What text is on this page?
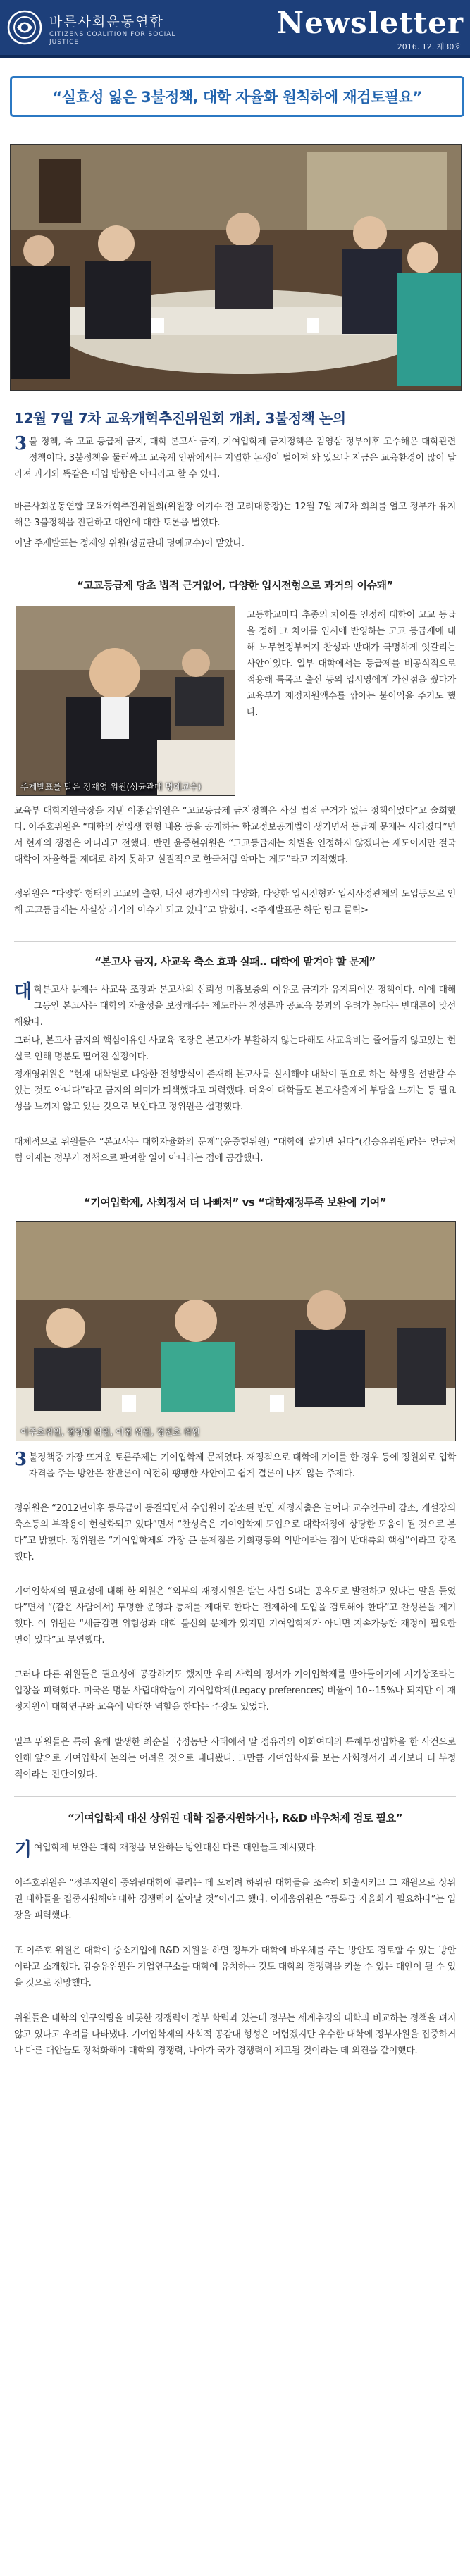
바른사회운동연합
CITIZENS COALITION FOR SOCIAL JUSTICE
Newsletter
2016. 12. 제30호
“실효성 잃은 3불정책, 대학 자율화 원칙하에 재검토필요”
12월 7일 7차 교육개혁추진위원회 개최, 3불정책 논의
3 불 정책, 즉 고교 등급제 금지, 대학 본고사 금지, 기여입학제 금지정책은 김영삼 정부이후 고수해온 대학관련 정책이다. 3불정책을 둘러싸고 교육계 안팎에서는 지엽한 논쟁이 벌어져 와 있으나 지금은 교육환경이 많이 달라져 과거와 똑같은 대입 방향은 아니라고 할 수 있다.
바른사회운동연합 교육개혁추진위원회(위원장 이기수 전 고려대총장)는 12월 7일 제7차 회의를 열고 정부가 유지해온 3불정책을 진단하고 대안에 대한 토론을 벌였다.
이날 주제발표는 정재영 위원(성균관대 명예교수)이 맡았다.
“고교등급제 당초 법적 근거없어, 다양한 입시전형으로 과거의 이슈돼”
주제발표를 맡은 정재영 위원(성균관대 명예교수)
고등학교마다 추종의 차이를 인정해 대학이 고교 등급을 정해 그 차이를 입시에 반영하는 고교 등급제에 대해 노무현정부커지 찬성과 반대가 극명하게 엇갈리는 사안이었다. 일부 대학에서는 등급제를 비공식적으로 적용해 특목고 출신 등의 입시영에게 가산점을 줬다가 교육부가 재정지원액수를 깎아는 불이익을 주기도 했다.
교육부 대학지원국장을 지낸 이종갑위원은 “고교등급제 금지정책은 사실 법적 근거가 없는 정책이었다”고 술회했다. 이주호위원은 “대학의 선입생 헌형 내용 등을 공개하는 학교정보공개법이 생기면서 등급제 문제는 사라졌다”면서 현재의 쟁점은 아니라고 전했다. 반면 윤증현위원은 “고교등급제는 차별을 인정하지 않겠다는 제도이지만 결국 대학이 자율화를 제대로 하지 못하고 실질적으로 한국처럼 악마는 제도”라고 지적했다.
정위원은 “다양한 형태의 고교의 출현, 내신 평가방식의 다양화, 다양한 입시전형과 입시사정관제의 도입등으로 인해 고교등급제는 사실상 과거의 이슈가 되고 있다”고 밝혔다. <주제발표문 하단 링크 클릭>
“본고사 금지, 사교육 축소 효과 실패.. 대학에 맡겨야 할 문제”
대학본고사 문제는 사교육 조장과 본고사의 신뢰성 미흡보증의 이유로 금지가 유지되어온 정책이다. 이에 대해 그동안 본고사는 대학의 자율성을 보장해주는 제도라는 찬성론과 공교육 붕괴의 우려가 높다는 반대론이 맞선해왔다.
그러나, 본고사 금지의 핵심이유인 사교육 조장은 본고사가 부활하지 않는다해도 사교육비는 줄어들지 않고있는 현실로 인해 명분도 떨어진 실정이다.
정재영위원은 “현재 대학별로 다양한 전형방식이 존재해 본고사를 실시해야 대학이 필요로 하는 학생을 선발할 수 있는 것도 아니다”라고 금지의 의미가 퇴색했다고 피력했다. 더욱이 대학들도 본고사출제에 부담을 느끼는 등 필요성을 느끼지 않고 있는 것으로 보인다고 정위원은 설명했다.
대체적으로 위원들은 “본고사는 대학자율화의 문제”(윤증현위원) “대학에 맡기면 된다”(김승유위원)라는 언급처럼 이제는 정부가 정책으로 판여할 일이 아니라는 점에 공감했다.
“기여입학제, 사회정서 더 나빠져” vs “대학재정투족 보완에 기여”
이주호위원, 정영영 위원, 이정 위원, 정진호 위원
3 불정책중 가장 뜨거운 토론주제는 기여입학제 문제였다. 재정적으로 대학에 기여를 한 경우 등에 정원외로 입학자격을 주는 방안은 찬반론이 여전히 팽팽한 사안이고 쉽게 결론이 나지 않는 주제다.
정위원은 “2012년이후 등록금이 동결되면서 수입원이 감소된 반면 재정지출은 늘어나 교수연구비 감소, 개설강의 축소등의 부작용이 현실화되고 있다”면서 “찬성측은 기여입학제 도입으로 대학재정에 상당한 도움이 될 것으로 본다”고 밝혔다. 정위원은 “기여입학제의 가장 큰 문제점은 기회평등의 위반이라는 점이 반대측의 핵심”이라고 강조했다.
기여입학제의 필요성에 대해 한 위원은 “외부의 재정지원을 받는 사립 S대는 공유도로 발전하고 있다는 말을 들었다”면서 “(같은 사람에서) 투명한 운영과 통제를 제대로 한다는 전제하에 도입을 검토해야 한다”고 찬성론을 제기했다. 이 위원은 “세금감면 위험성과 대학 불신의 문제가 있지만 기여입학제가 아니면 지속가능한 재정이 필요한 면이 있다”고 부연했다.
그러나 다른 위원들은 필요성에 공감하기도 했지만 우리 사회의 정서가 기여입학제를 받아들이기에 시기상조라는 입장을 피력했다. 미국은 명문 사립대학들이 기여입학제(Legacy preferences) 비율이 10~15%나 되지만 이 재정지원이 대학연구와 교육에 막대한 역할을 한다는 주장도 있었다.
일부 위원들은 특히 올해 발생한 최순실 국정농단 사태에서 딸 정유라의 이화여대의 특혜부정입학을 한 사건으로 인해 앞으로 기여입학제 논의는 어려울 것으로 내다봤다. 그만큼 기여입학제를 보는 사회정서가 과거보다 더 부정적이라는 진단이었다.
“기여입학제 대신 상위권 대학 집중지원하거나, R&D 바우처제 검토 필요”
기여입학제 보완은 대학 재정을 보완하는 방안대신 다른 대안들도 제시됐다.
이주호위원은 “정부지원이 중위권대학에 몰리는 데 오히려 하위권 대학들을 조속히 퇴출시키고 그 재원으로 상위권 대학들을 집중지원해야 대학 경쟁력이 살아날 것”이라고 했다. 이재웅위원은 “등록금 자율화가 필요하다”는 입장을 피력했다.
또 이주호 위원은 대학이 중소기업에 R&D 지원을 하면 정부가 대학에 바우체를 주는 방안도 검토할 수 있는 방안이라고 소개했다. 김승유위원은 기업연구소를 대학에 유치하는 것도 대학의 경쟁력을 키울 수 있는 대안이 될 수 있을 것으로 전망했다.
위원들은 대학의 연구역량을 비롯한 경쟁력이 정부 학력과 있는데 정부는 세계추경의 대학과 비교하는 정책을 펴지 않고 있다고 우려를 나타냈다. 기여입학제의 사회적 공감대 형성은 어렵겠지만 우수한 대학에 정부자원을 집중하거나 다른 대안들도 정책화해야 대학의 경쟁력, 나아가 국가 경쟁력이 제고될 것이라는 데 의견을 같이했다.
